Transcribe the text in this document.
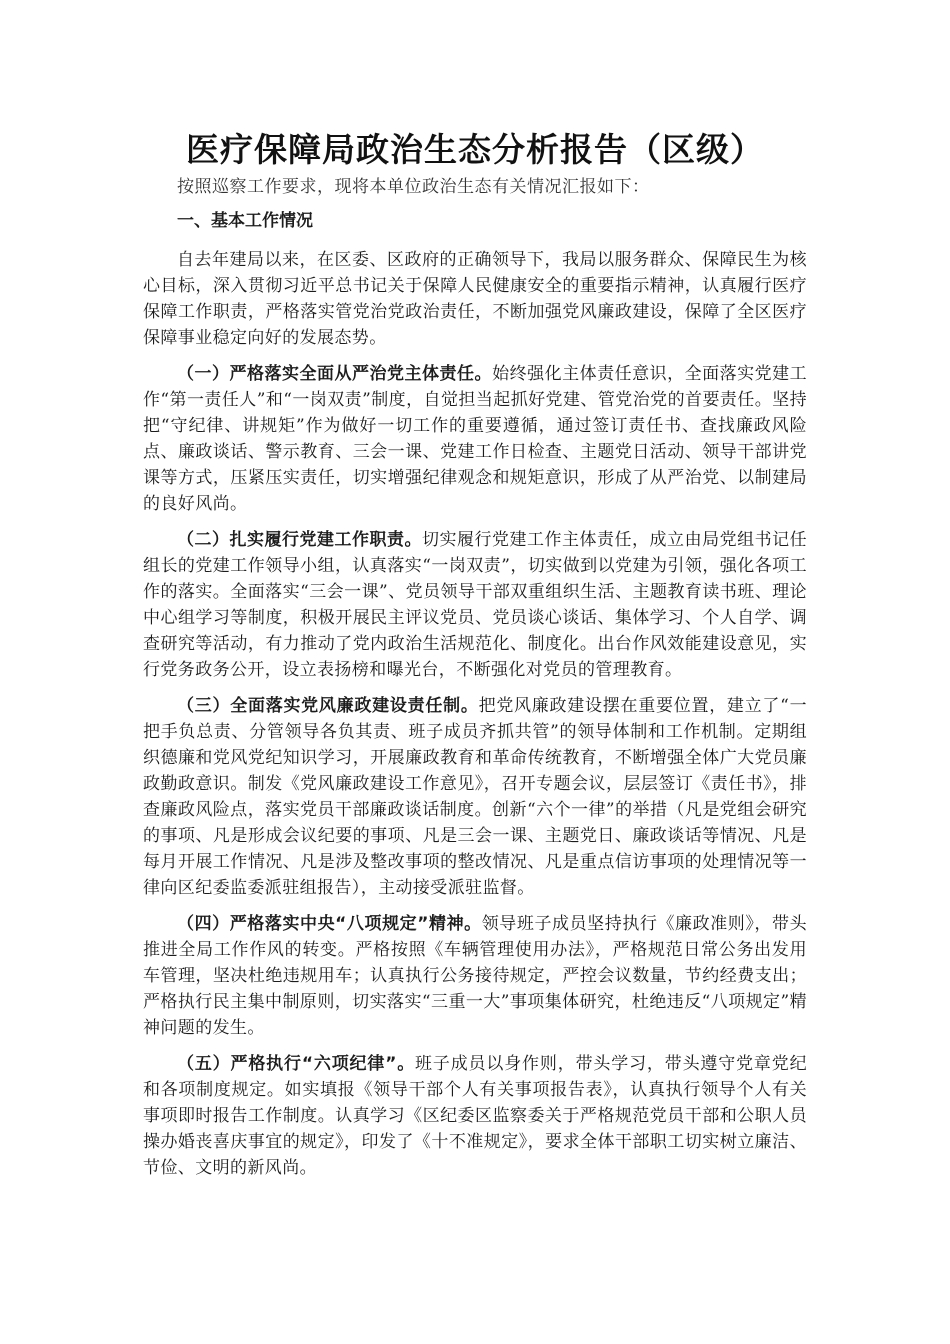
医疗保障局政治生态分析报告（区级）

按照巡察工作要求，现将本单位政治生态有关情况汇报如下：

一、基本工作情况

自去年建局以来，在区委、区政府的正确领导下，我局以服务群众、保障民生为核心目标，深入贯彻习近平总书记关于保障人民健康安全的重要指示精神，认真履行医疗保障工作职责，严格落实管党治党政治责任，不断加强党风廉政建设，保障了全区医疗保障事业稳定向好的发展态势。

（一）严格落实全面从严治党主体责任。始终强化主体责任意识，全面落实党建工作“第一责任人”和“一岗双责”制度，自觉担当起抓好党建、管党治党的首要责任。坚持把“守纪律、讲规矩”作为做好一切工作的重要遵循，通过签订责任书、查找廉政风险点、廉政谈话、警示教育、三会一课、党建工作日检查、主题党日活动、领导干部讲党课等方式，压紧压实责任，切实增强纪律观念和规矩意识，形成了从严治党、以制建局的良好风尚。

（二）扎实履行党建工作职责。切实履行党建工作主体责任，成立由局党组书记任组长的党建工作领导小组，认真落实“一岗双责”，切实做到以党建为引领，强化各项工作的落实。全面落实“三会一课”、党员领导干部双重组织生活、主题教育读书班、理论中心组学习等制度，积极开展民主评议党员、党员谈心谈话、集体学习、个人自学、调查研究等活动，有力推动了党内政治生活规范化、制度化。出台作风效能建设意见，实行党务政务公开，设立表扬榜和曝光台，不断强化对党员的管理教育。

（三）全面落实党风廉政建设责任制。把党风廉政建设摆在重要位置，建立了“一把手负总责、分管领导各负其责、班子成员齐抓共管”的领导体制和工作机制。定期组织德廉和党风党纪知识学习，开展廉政教育和革命传统教育，不断增强全体广大党员廉政勤政意识。制发《党风廉政建设工作意见》，召开专题会议，层层签订《责任书》，排查廉政风险点，落实党员干部廉政谈话制度。创新“六个一律”的举措（凡是党组会研究的事项、凡是形成会议纪要的事项、凡是三会一课、主题党日、廉政谈话等情况、凡是每月开展工作情况、凡是涉及整改事项的整改情况、凡是重点信访事项的处理情况等一律向区纪委监委派驻组报告），主动接受派驻监督。

（四）严格落实中央“八项规定”精神。领导班子成员坚持执行《廉政准则》，带头推进全局工作作风的转变。严格按照《车辆管理使用办法》，严格规范日常公务出发用车管理，坚决杜绝违规用车；认真执行公务接待规定，严控会议数量，节约经费支出；严格执行民主集中制原则，切实落实“三重一大”事项集体研究，杜绝违反“八项规定”精神问题的发生。

（五）严格执行“六项纪律”。班子成员以身作则，带头学习，带头遵守党章党纪和各项制度规定。如实填报《领导干部个人有关事项报告表》，认真执行领导个人有关事项即时报告工作制度。认真学习《区纪委区监察委关于严格规范党员干部和公职人员操办婚丧喜庆事宜的规定》，印发了《十不准规定》，要求全体干部职工切实树立廉洁、节俭、文明的新风尚。
